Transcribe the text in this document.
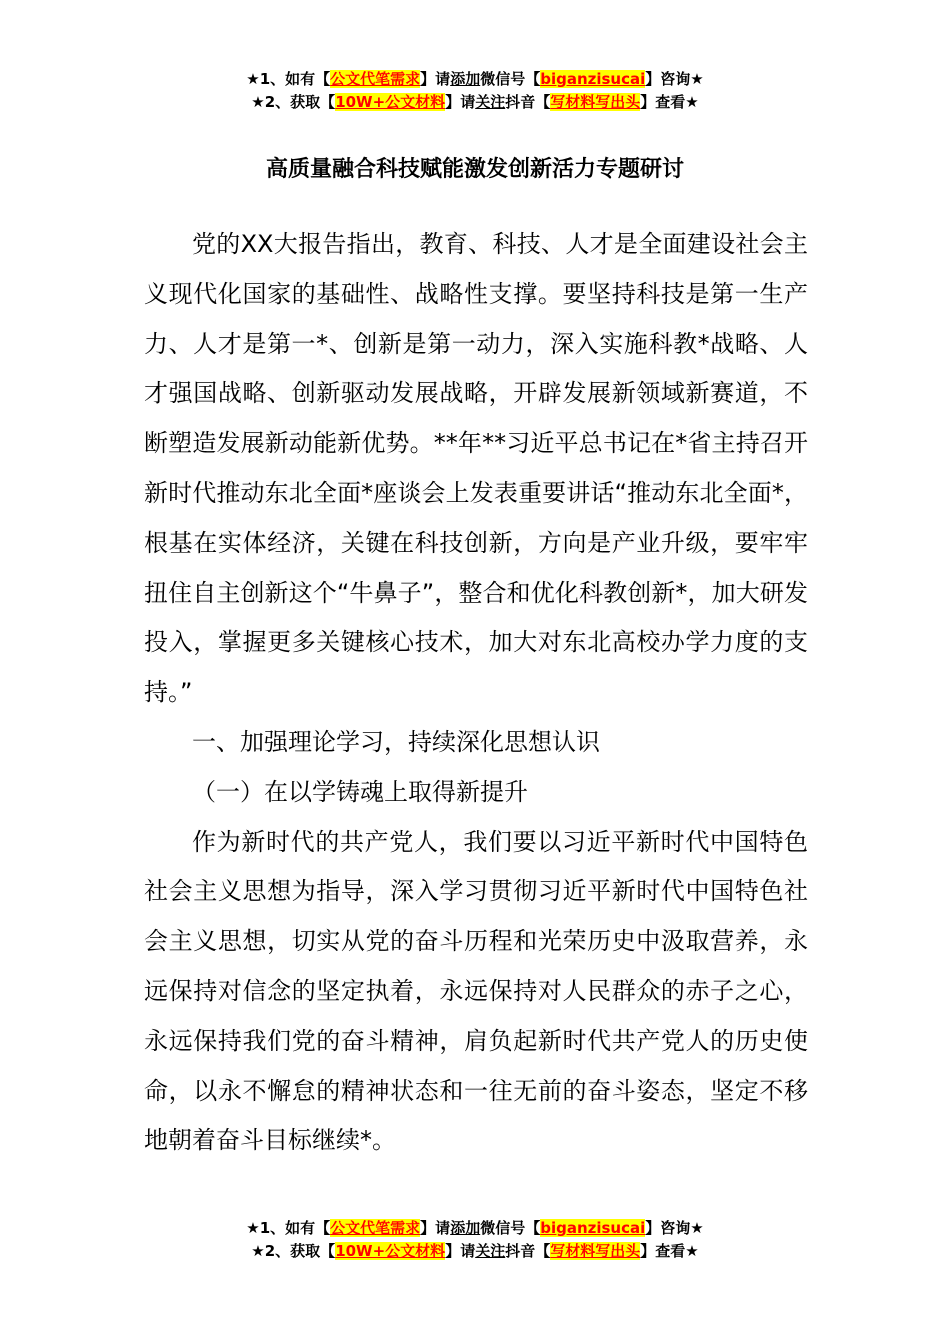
★1、如有【公文代笔需求】请添加微信号【biganzisucai】咨询★
★2、获取【10W+公文材料】请关注抖音【写材料写出头】查看★
高质量融合科技赋能激发创新活力专题研讨

党的XX大报告指出，教育、科技、人才是全面建设社会主义现代化国家的基础性、战略性支撑。要坚持科技是第一生产力、人才是第一*、创新是第一动力，深入实施科教*战略、人才强国战略、创新驱动发展战略，开辟发展新领域新赛道，不断塑造发展新动能新优势。**年**习近平总书记在*省主持召开新时代推动东北全面*座谈会上发表重要讲话“推动东北全面*，根基在实体经济，关键在科技创新，方向是产业升级，要牢牢扭住自主创新这个“牛鼻子”，整合和优化科教创新*，加大研发投入，掌握更多关键核心技术，加大对东北高校办学力度的支持。”

一、加强理论学习，持续深化思想认识

（一）在以学铸魂上取得新提升

作为新时代的共产党人，我们要以习近平新时代中国特色社会主义思想为指导，深入学习贯彻习近平新时代中国特色社会主义思想，切实从党的奋斗历程和光荣历史中汲取营养，永远保持对信念的坚定执着，永远保持对人民群众的赤子之心，永远保持我们党的奋斗精神，肩负起新时代共产党人的历史使命，以永不懈怠的精神状态和一往无前的奋斗姿态，坚定不移地朝着奋斗目标继续*。

★1、如有【公文代笔需求】请添加微信号【biganzisucai】咨询★
★2、获取【10W+公文材料】请关注抖音【写材料写出头】查看★
